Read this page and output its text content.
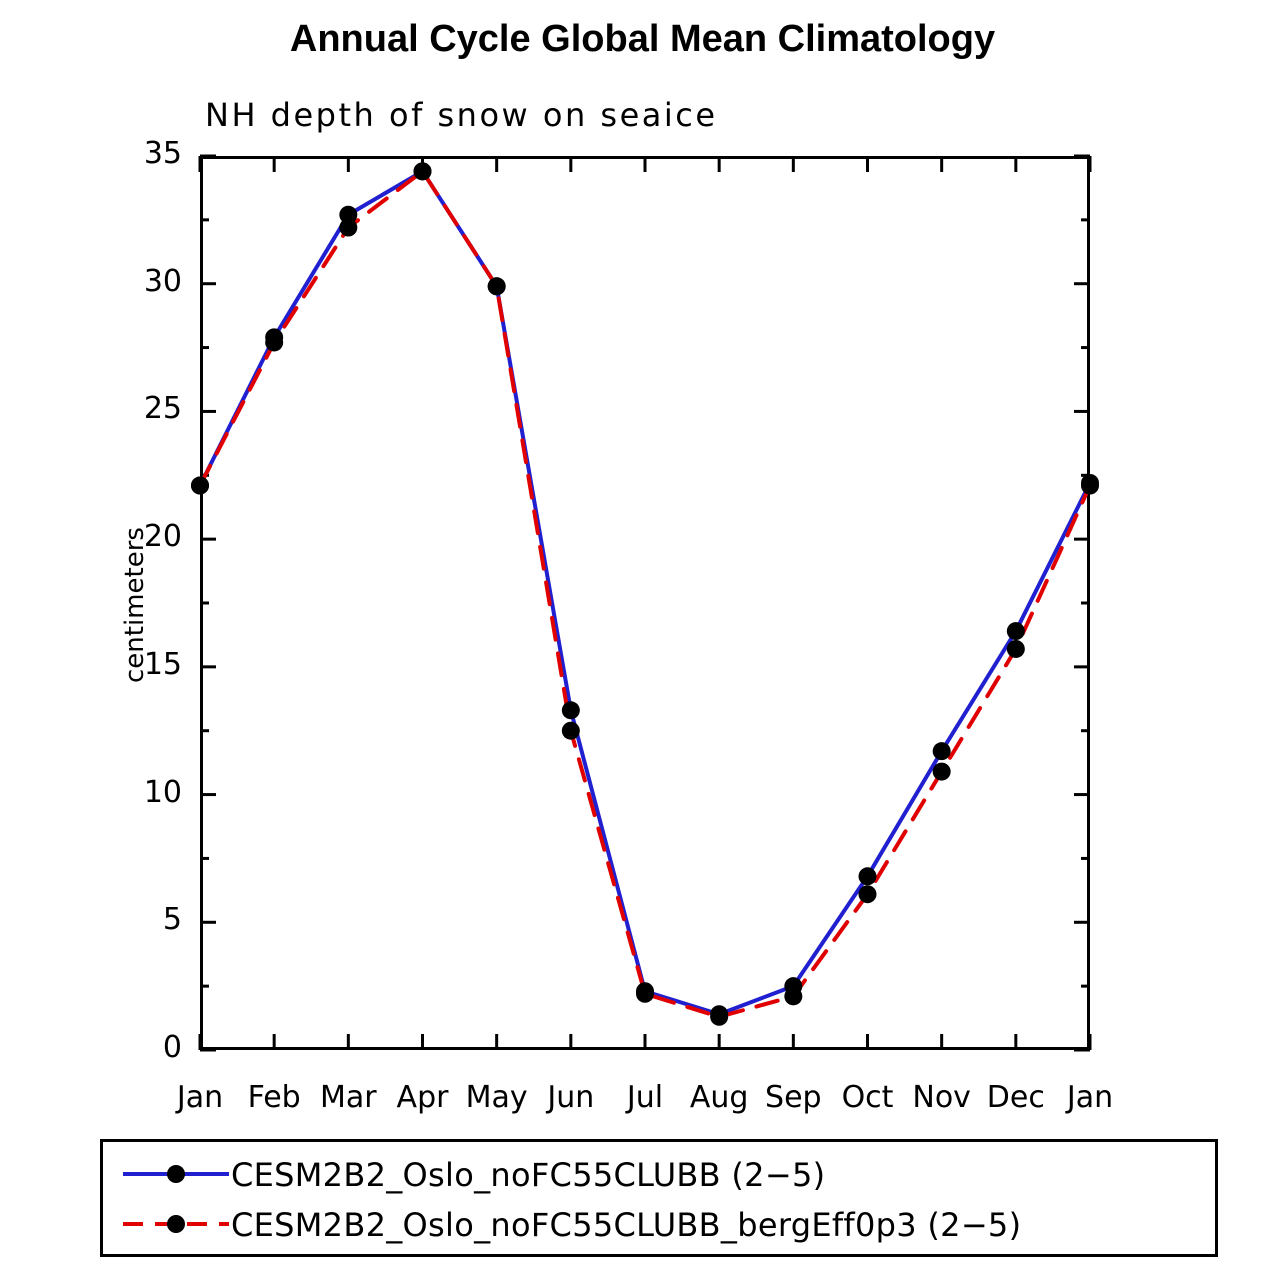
Annual Cycle Global Mean Climatology
NH depth of snow on seaice
centimeters
0
5
10
15
20
25
30
35
Jan Feb Mar Apr May Jun	Jul Aug Sep Oct Nov Dec Jan
CESM2B2_Oslo_noFC55CLUBB (2−5)
CESM2B2_Oslo_noFC55CLUBB_bergEff0p3 (2−5)
